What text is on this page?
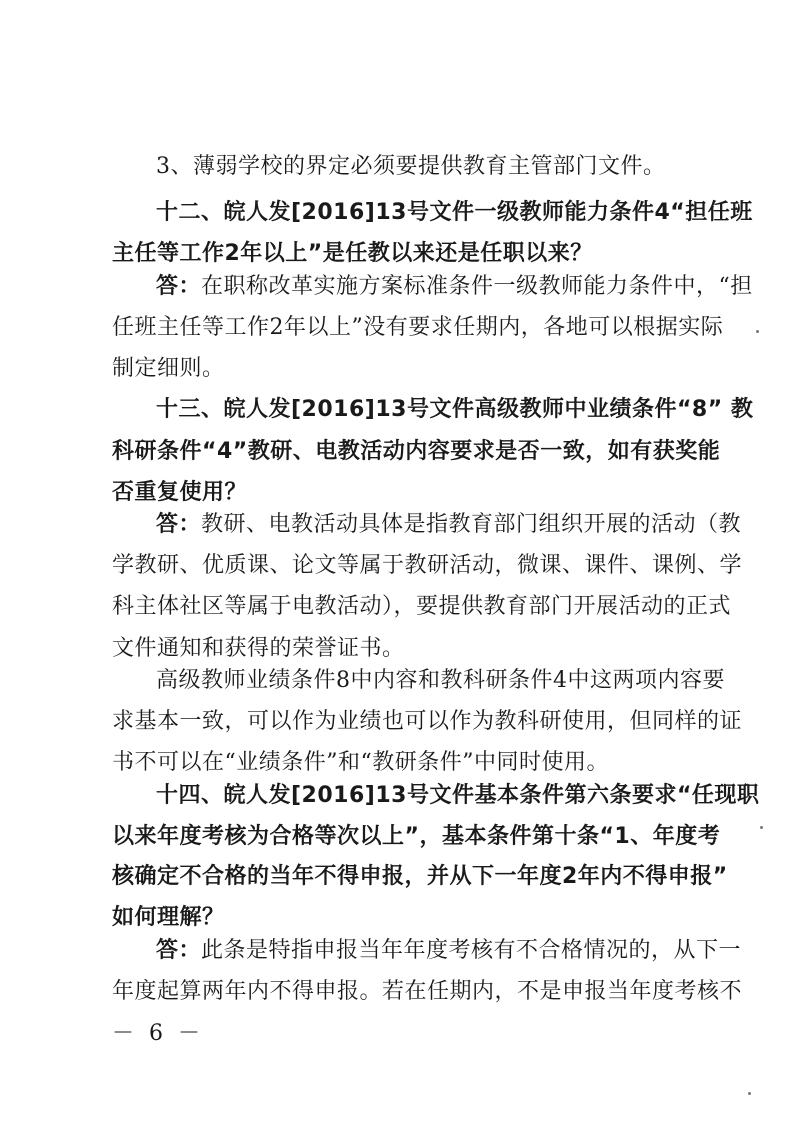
3、薄弱学校的界定必须要提供教育主管部门文件。
十二、皖人发[2016]13号文件一级教师能力条件4“担任班
主任等工作2年以上”是任教以来还是任职以来？
答：在职称改革实施方案标准条件一级教师能力条件中，“担
任班主任等工作2年以上”没有要求任期内，各地可以根据实际
制定细则。
十三、皖人发[2016]13号文件高级教师中业绩条件“8” 教
科研条件“4”教研、电教活动内容要求是否一致，如有获奖能
否重复使用？
答：教研、电教活动具体是指教育部门组织开展的活动（教
学教研、优质课、论文等属于教研活动，微课、课件、课例、学
科主体社区等属于电教活动），要提供教育部门开展活动的正式
文件通知和获得的荣誉证书。
高级教师业绩条件8中内容和教科研条件4中这两项内容要
求基本一致，可以作为业绩也可以作为教科研使用，但同样的证
书不可以在“业绩条件”和“教研条件”中同时使用。
十四、皖人发[2016]13号文件基本条件第六条要求“任现职
以来年度考核为合格等次以上”，基本条件第十条“1、年度考
核确定不合格的当年不得申报，并从下一年度2年内不得申报”
如何理解？
答：此条是特指申报当年年度考核有不合格情况的，从下一
年度起算两年内不得申报。若在任期内，不是申报当年度考核不
－ 6 －
